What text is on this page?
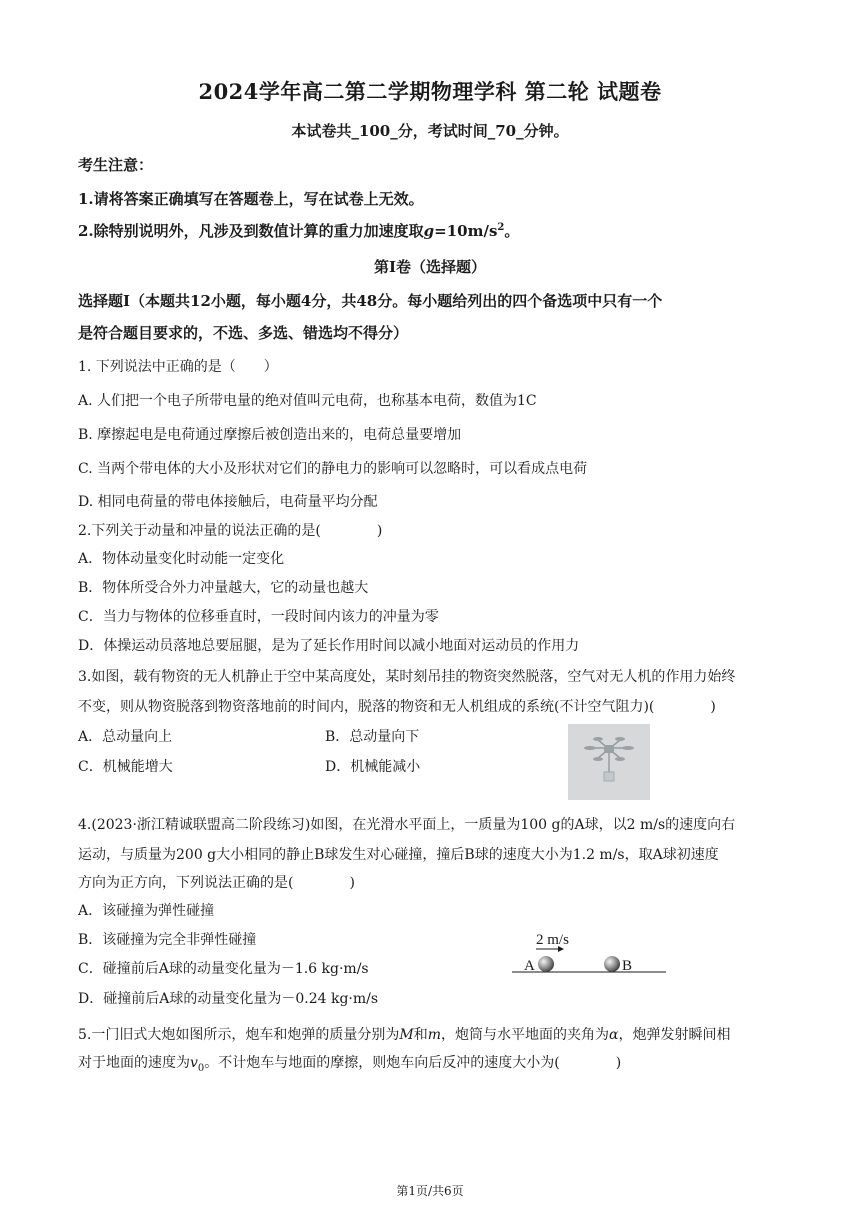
2024学年高二第二学期物理学科 第二轮 试题卷
本试卷共_100_分，考试时间_70_分钟。
考生注意：
1.请将答案正确填写在答题卷上，写在试卷上无效。
2.除特别说明外，凡涉及到数值计算的重力加速度取$g=10m/s^2$。
第Ⅰ卷（选择题）
选择题Ⅰ（本题共12小题，每小题4分，共48分。每小题给列出的四个备选项中只有一个
是符合题目要求的，不选、多选、错选均不得分）
1. 下列说法中正确的是（　　）
A. 人们把一个电子所带电量的绝对值叫元电荷，也称基本电荷，数值为1C
B. 摩擦起电是电荷通过摩擦后被创造出来的，电荷总量要增加
C. 当两个带电体的大小及形状对它们的静电力的影响可以忽略时，可以看成点电荷
D. 相同电荷量的带电体接触后，电荷量平均分配
2.下列关于动量和冲量的说法正确的是(　　　　)
A．物体动量变化时动能一定变化
B．物体所受合外力冲量越大，它的动量也越大
C．当力与物体的位移垂直时，一段时间内该力的冲量为零
D．体操运动员落地总要屈腿，是为了延长作用时间以减小地面对运动员的作用力
3.如图，载有物资的无人机静止于空中某高度处，某时刻吊挂的物资突然脱落，空气对无人机的作用力始终
不变，则从物资脱落到物资落地前的时间内，脱落的物资和无人机组成的系统(不计空气阻力)(　　　　)
A．总动量向上	B．总动量向下
C．机械能增大	D．机械能减小
4.(2023·浙江精诚联盟高二阶段练习)如图，在光滑水平面上，一质量为100 g的A球，以2 m/s的速度向右
运动，与质量为200 g大小相同的静止B球发生对心碰撞，撞后B球的速度大小为1.2 m/s，取A球初速度
方向为正方向，下列说法正确的是(　　　　)
A．该碰撞为弹性碰撞
B．该碰撞为完全非弹性碰撞
C．碰撞前后A球的动量变化量为－1.6 kg·m/s
D．碰撞前后A球的动量变化量为－0.24 kg·m/s
2 m/s
A	B
5.一门旧式大炮如图所示，炮车和炮弹的质量分别为M和m，炮筒与水平地面的夹角为α，炮弹发射瞬间相
对于地面的速度为$v_0$。不计炮车与地面的摩擦，则炮车向后反冲的速度大小为(　　　　)
第1页/共6页
